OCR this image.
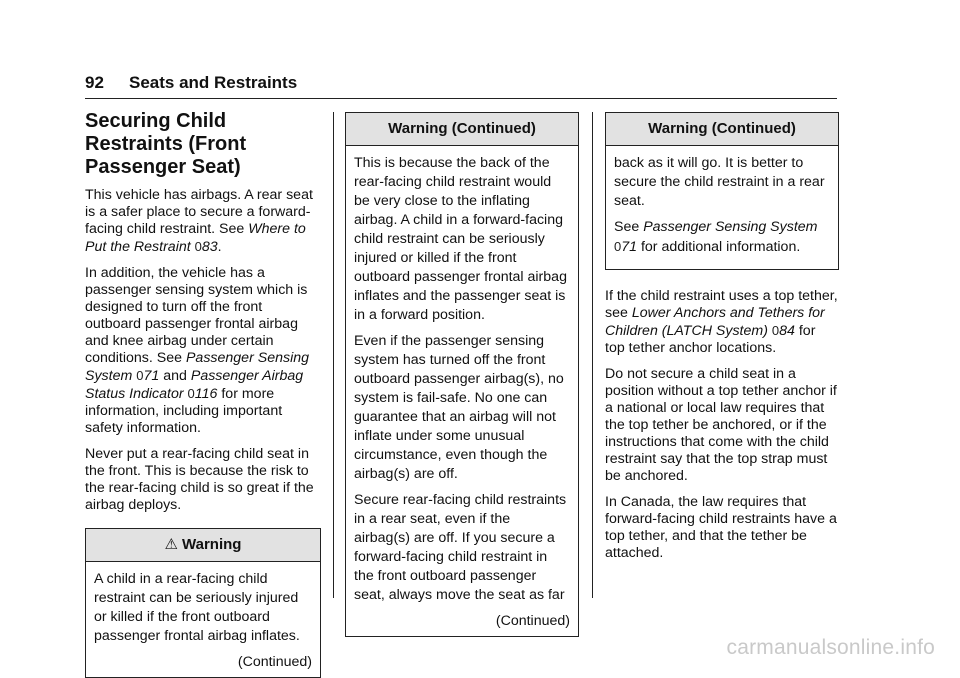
92 Seats and Restraints
Securing Child Restraints (Front Passenger Seat)

This vehicle has airbags. A rear seat is a safer place to secure a forward-facing child restraint. See Where to Put the Restraint 083.

In addition, the vehicle has a passenger sensing system which is designed to turn off the front outboard passenger frontal airbag and knee airbag under certain conditions. See Passenger Sensing System 071 and Passenger Airbag Status Indicator 0116 for more information, including important safety information.

Never put a rear-facing child seat in the front. This is because the risk to the rear-facing child is so great if the airbag deploys.

⚠ Warning

A child in a rear-facing child restraint can be seriously injured or killed if the front outboard passenger frontal airbag inflates.

(Continued)

Warning (Continued)

This is because the back of the rear-facing child restraint would be very close to the inflating airbag. A child in a forward-facing child restraint can be seriously injured or killed if the front outboard passenger frontal airbag inflates and the passenger seat is in a forward position.

Even if the passenger sensing system has turned off the front outboard passenger airbag(s), no system is fail-safe. No one can guarantee that an airbag will not inflate under some unusual circumstance, even though the airbag(s) are off.

Secure rear-facing child restraints in a rear seat, even if the airbag(s) are off. If you secure a forward-facing child restraint in the front outboard passenger seat, always move the seat as far

(Continued)

Warning (Continued)

back as it will go. It is better to secure the child restraint in a rear seat.

See Passenger Sensing System
071 for additional information.

If the child restraint uses a top tether, see Lower Anchors and Tethers for Children (LATCH System) 084 for top tether anchor locations.

Do not secure a child seat in a position without a top tether anchor if a national or local law requires that the top tether be anchored, or if the instructions that come with the child restraint say that the top strap must be anchored.

In Canada, the law requires that forward-facing child restraints have a top tether, and that the tether be attached.

carmanualsonline.info
